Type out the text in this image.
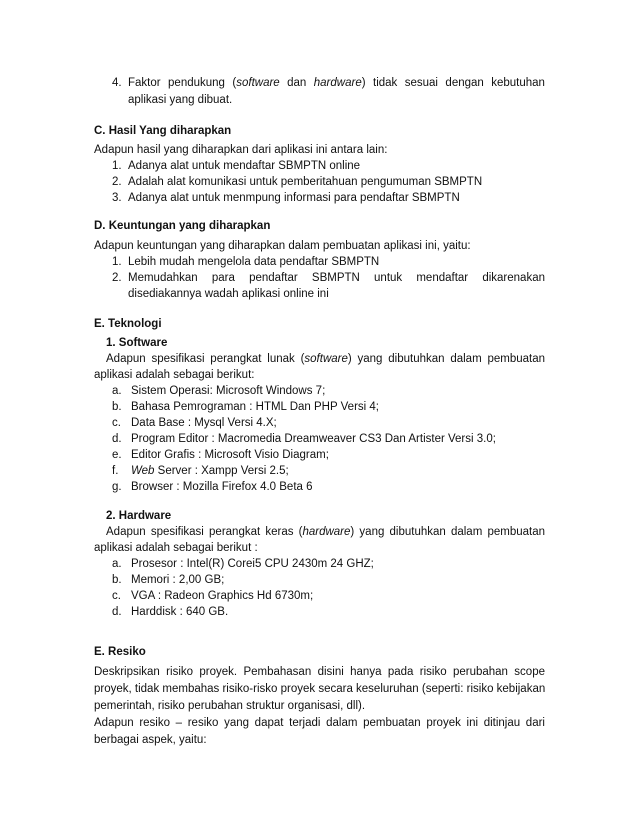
4. Faktor pendukung (software dan hardware) tidak sesuai dengan kebutuhan
aplikasi yang dibuat.
C. Hasil Yang diharapkan
Adapun hasil yang diharapkan dari aplikasi ini antara lain:
1. Adanya alat untuk mendaftar SBMPTN online
2. Adalah alat komunikasi untuk pemberitahuan pengumuman SBMPTN
3. Adanya alat untuk menmpung informasi para pendaftar SBMPTN
D. Keuntungan yang diharapkan
Adapun keuntungan yang diharapkan dalam pembuatan aplikasi ini, yaitu:
1. Lebih mudah mengelola data pendaftar SBMPTN
2. Memudahkan para pendaftar SBMPTN untuk mendaftar dikarenakan
disediakannya wadah aplikasi online ini
E. Teknologi
1. Software
Adapun spesifikasi perangkat lunak (software) yang dibutuhkan dalam pembuatan
aplikasi adalah sebagai berikut:
a. Sistem Operasi: Microsoft Windows 7;
b. Bahasa Pemrograman : HTML Dan PHP Versi 4;
c. Data Base : Mysql Versi 4.X;
d. Program Editor : Macromedia Dreamweaver CS3 Dan Artister Versi 3.0;
e. Editor Grafis : Microsoft Visio Diagram;
f. Web Server : Xampp Versi 2.5;
g. Browser : Mozilla Firefox 4.0 Beta 6
2. Hardware
Adapun spesifikasi perangkat keras (hardware) yang dibutuhkan dalam pembuatan
aplikasi adalah sebagai berikut :
a. Prosesor : Intel(R) Corei5 CPU 2430m 24 GHZ;
b. Memori : 2,00 GB;
c. VGA : Radeon Graphics Hd 6730m;
d. Harddisk : 640 GB.
E. Resiko
Deskripsikan risiko proyek. Pembahasan disini hanya pada risiko perubahan scope
proyek, tidak membahas risiko-risko proyek secara keseluruhan (seperti: risiko kebijakan
pemerintah, risiko perubahan struktur organisasi, dll).
Adapun resiko – resiko yang dapat terjadi dalam pembuatan proyek ini ditinjau dari
berbagai aspek, yaitu:
